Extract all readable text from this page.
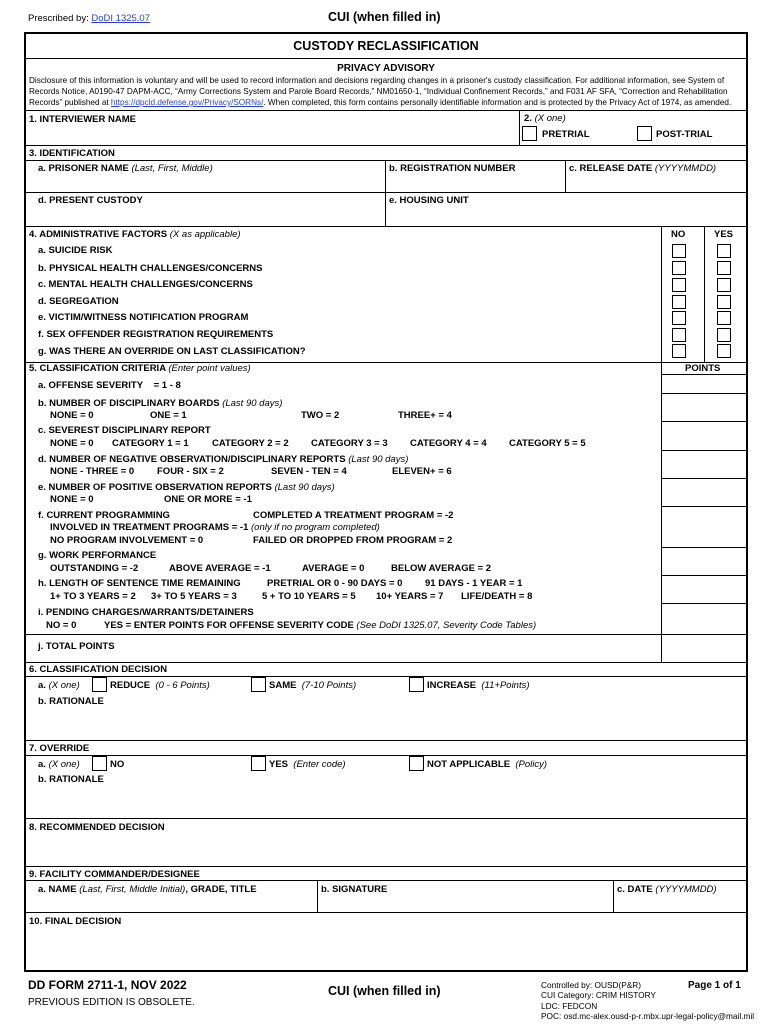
Prescribed by: DoDI 1325.07	CUI (when filled in)
CUSTODY RECLASSIFICATION
PRIVACY ADVISORY
Disclosure of this information is voluntary and will be used to record information and decisions regarding changes in a prisoner's custody classification. For additional information, see System of
Records Notice, A0190-47 DAPM-ACC, “Army Corrections System and Parole Board Records,” NM01650-1, “Individual Confinement Records,” and F031 AF SFA, “Correction and Rehabilitation
Records” published at https://dpcld.defense.gov/Privacy/SORNs/. When completed, this form contains personally identifiable information and is protected by the Privacy Act of 1974, as amended.
1. INTERVIEWER NAME	2. (X one)
PRETRIAL	POST-TRIAL
3. IDENTIFICATION
a. PRISONER NAME (Last, First, Middle)	b. REGISTRATION NUMBER	c. RELEASE DATE (YYYYMMDD)
d. PRESENT CUSTODY	e. HOUSING UNIT
4. ADMINISTRATIVE FACTORS (X as applicable)	NO	YES
a. SUICIDE RISK
b. PHYSICAL HEALTH CHALLENGES/CONCERNS
c. MENTAL HEALTH CHALLENGES/CONCERNS
d. SEGREGATION
e. VICTIM/WITNESS NOTIFICATION PROGRAM
f. SEX OFFENDER REGISTRATION REQUIREMENTS
g. WAS THERE AN OVERRIDE ON LAST CLASSIFICATION?
5. CLASSIFICATION CRITERIA (Enter point values)	POINTS
a. OFFENSE SEVERITY = 1 - 8
b. NUMBER OF DISCIPLINARY BOARDS (Last 90 days)
NONE = 0	ONE = 1	TWO = 2	THREE+ = 4
c. SEVEREST DISCIPLINARY REPORT
NONE = 0 CATEGORY 1 = 1 CATEGORY 2 = 2 CATEGORY 3 = 3 CATEGORY 4 = 4 CATEGORY 5 = 5
d. NUMBER OF NEGATIVE OBSERVATION/DISCIPLINARY REPORTS (Last 90 days)
NONE - THREE = 0 FOUR - SIX = 2	SEVEN - TEN = 4	ELEVEN+ = 6
e. NUMBER OF POSITIVE OBSERVATION REPORTS (Last 90 days)
NONE = 0	ONE OR MORE = -1
f. CURRENT PROGRAMMING	COMPLETED A TREATMENT PROGRAM = -2
INVOLVED IN TREATMENT PROGRAMS = -1 (only if no program completed)
NO PROGRAM INVOLVEMENT = 0	FAILED OR DROPPED FROM PROGRAM = 2
g. WORK PERFORMANCE
OUTSTANDING = -2	ABOVE AVERAGE = -1	AVERAGE = 0	BELOW AVERAGE = 2
h. LENGTH OF SENTENCE TIME REMAINING	PRETRIAL OR 0 - 90 DAYS = 0 91 DAYS - 1 YEAR = 1
1+ TO 3 YEARS = 2 3+ TO 5 YEARS = 3	5 + TO 10 YEARS = 5 10+ YEARS = 7 LIFE/DEATH = 8
i. PENDING CHARGES/WARRANTS/DETAINERS
NO = 0	YES = ENTER POINTS FOR OFFENSE SEVERITY CODE (See DoDI 1325.07, Severity Code Tables)
j. TOTAL POINTS
6. CLASSIFICATION DECISION
a. (X one)	REDUCE (0 - 6 Points)	SAME (7-10 Points)	INCREASE (11+Points)
b. RATIONALE
7. OVERRIDE
a. (X one)	NO	YES (Enter code)	NOT APPLICABLE (Policy)
b. RATIONALE
8. RECOMMENDED DECISION
9. FACILITY COMMANDER/DESIGNEE
a. NAME (Last, First, Middle Initial), GRADE, TITLE	b. SIGNATURE	c. DATE (YYYYMMDD)
10. FINAL DECISION
DD FORM 2711-1, NOV 2022
PREVIOUS EDITION IS OBSOLETE.
CUI (when filled in)	Controlled by: OUSD(P&R)
CUI Category: CRIM HISTORY
LDC: FEDCON
POC: osd.mc-alex.ousd-p-r.mbx.upr-legal-policy@mail.mil
Page 1 of 1
